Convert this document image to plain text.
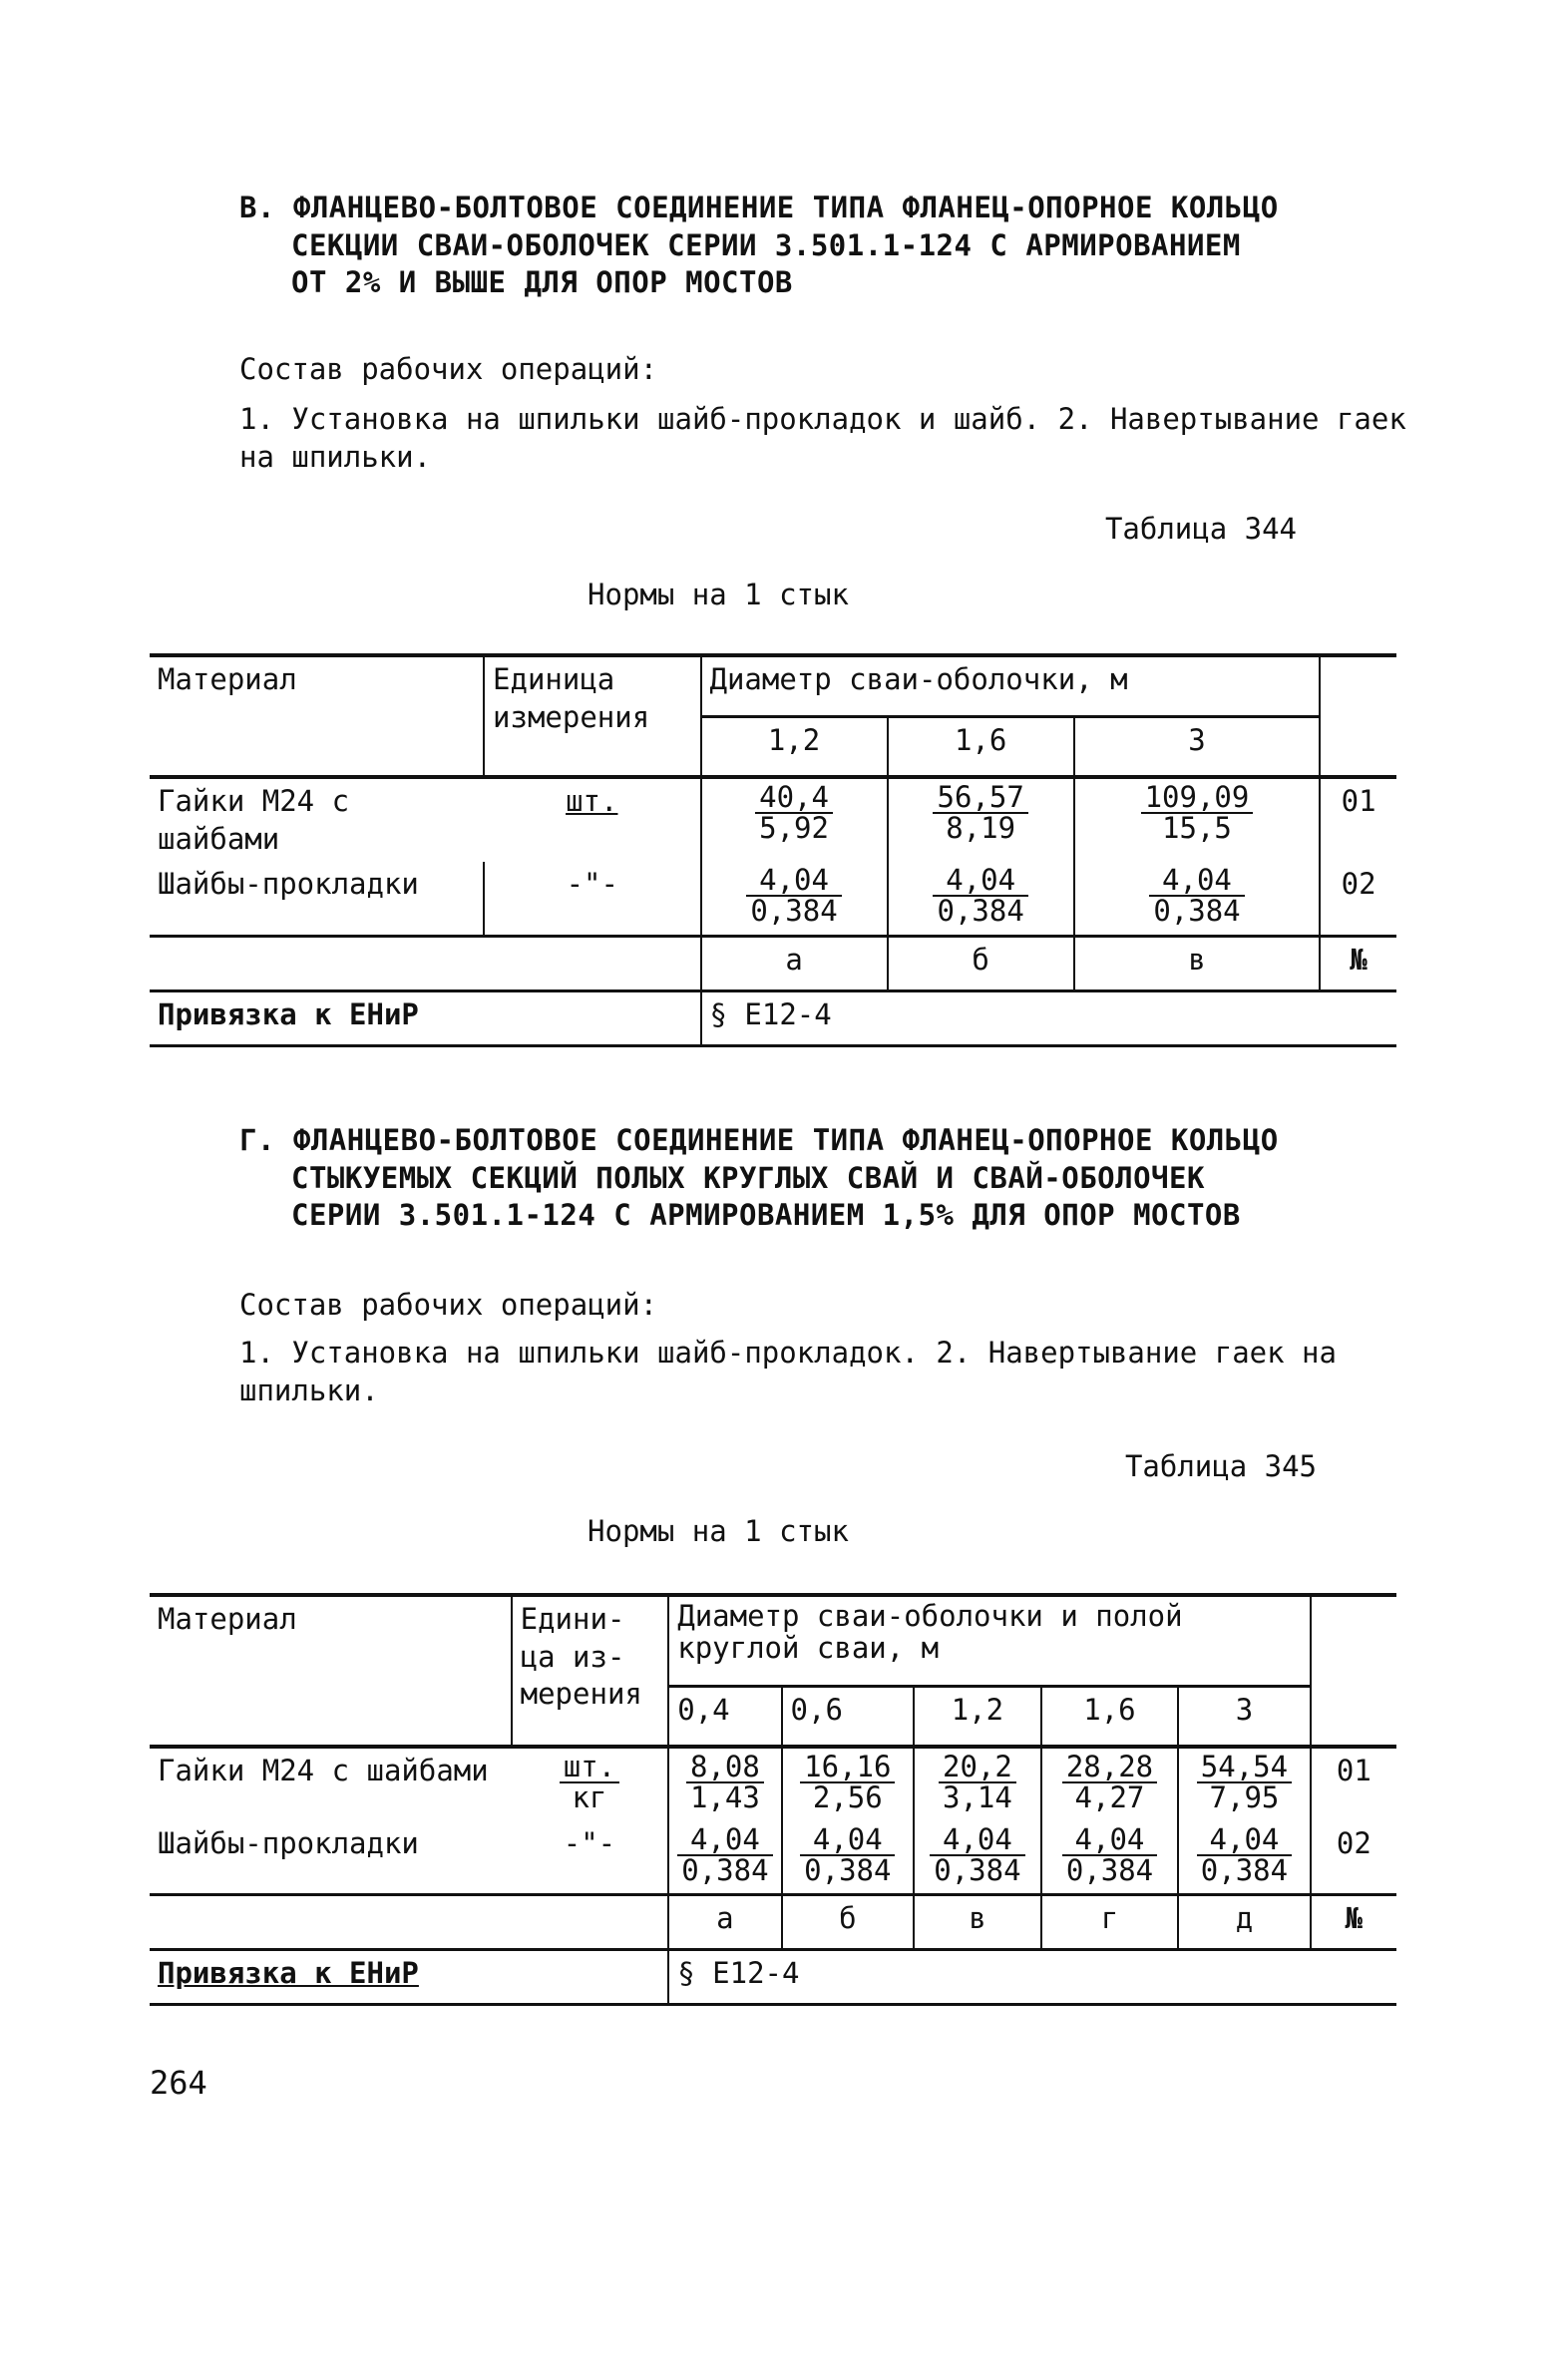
В. ФЛАНЦЕВО-БОЛТОВОЕ СОЕДИНЕНИЕ ТИПА ФЛАНЕЦ-ОПОРНОЕ КОЛЬЦО
СЕКЦИИ СВАИ-ОБОЛОЧЕК СЕРИИ 3.501.1-124 С АРМИРОВАНИЕМ
ОТ 2% И ВЫШЕ ДЛЯ ОПОР МОСТОВ
Состав рабочих операций:
1. Установка на шпильки шайб-прокладок и шайб. 2. Навертывание гаек на шпильки.
Таблица 344
Нормы на 1 стык
Материал	Единица измерения	Диаметр сваи-оболочки, м			
		1,2	1,6	3	
Гайки М24 с шайбами	шт.	$\frac{40,4}{5,92}$	$\frac{56,57}{8,19}$	$\frac{109,09}{15,5}$	01
Шайбы-прокладки	-"-	$\frac{4,04}{0,384}$	$\frac{4,04}{0,384}$	$\frac{4,04}{0,384}$	02
		а	б	в	№
Привязка к ЕНиР		§ Е12-4			
Г. ФЛАНЦЕВО-БОЛТОВОЕ СОЕДИНЕНИЕ ТИПА ФЛАНЕЦ-ОПОРНОЕ КОЛЬЦО
СТЫКУЕМЫХ СЕКЦИЙ ПОЛЫХ КРУГЛЫХ СВАЙ И СВАЙ-ОБОЛОЧЕК
СЕРИИ 3.501.1-124 С АРМИРОВАНИЕМ 1,5% ДЛЯ ОПОР МОСТОВ
Состав рабочих операций:
1. Установка на шпильки шайб-прокладок. 2. Навертывание гаек на шпильки.
Таблица 345
Нормы на 1 стык
Материал	Едини-ца из-мерения	Диаметр сваи-оболочки и полой круглой сваи, м					
		0,4	0,6	1,2	1,6	3	
Гайки М24 с шайбами	$\frac{шт.}{кг}$	$\frac{8,08}{1,43}$	$\frac{16,16}{2,56}$	$\frac{20,2}{3,14}$	$\frac{28,28}{4,27}$	$\frac{54,54}{7,95}$	01
Шайбы-прокладки	-"-	$\frac{4,04}{0,384}$	$\frac{4,04}{0,384}$	$\frac{4,04}{0,384}$	$\frac{4,04}{0,384}$	$\frac{4,04}{0,384}$	02
		а	б	в	г	д	№
Привязка к ЕНиР		§ Е12-4					
264
